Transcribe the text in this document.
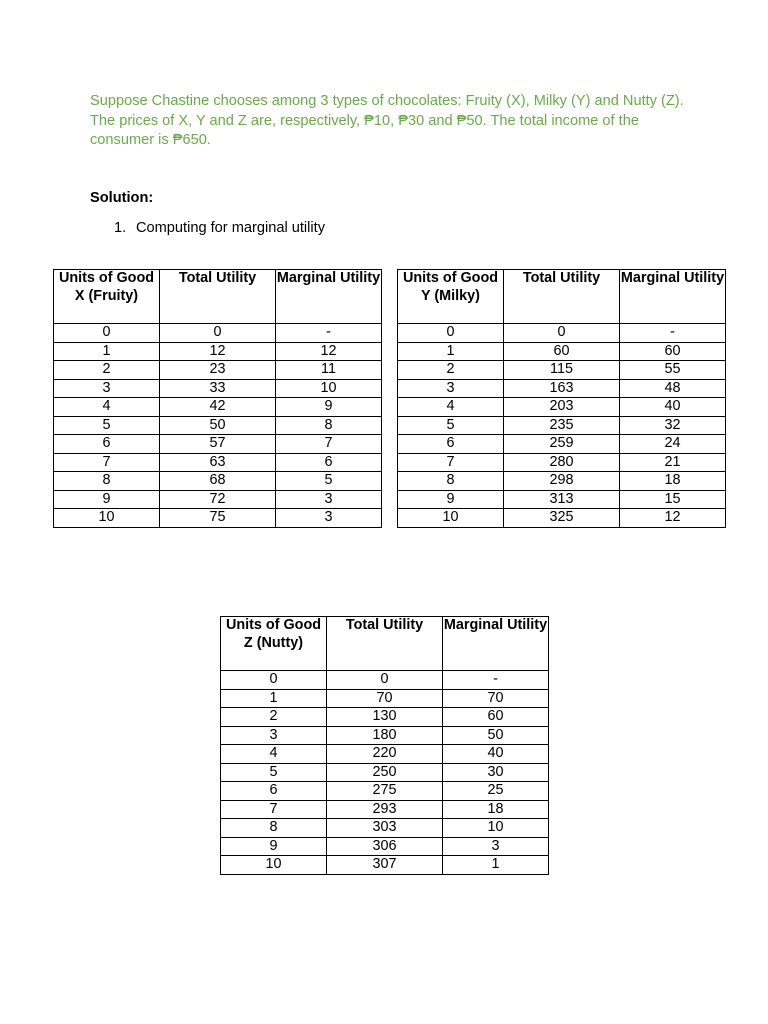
Suppose Chastine chooses among 3 types of chocolates: Fruity (X), Milky (Y) and Nutty (Z). The prices of X, Y and Z are, respectively, ₱10, ₱30 and ₱50. The total income of the consumer is ₱650.

Solution:

1. Computing for marginal utility

Units of Good X (Fruity)	Total Utility	Marginal Utility
0	0	-
1	12	12
2	23	11
3	33	10
4	42	9
5	50	8
6	57	7
7	63	6
8	68	5
9	72	3
10	75	3
Units of Good Y (Milky)	Total Utility	Marginal Utility
0	0	-
1	60	60
2	115	55
3	163	48
4	203	40
5	235	32
6	259	24
7	280	21
8	298	18
9	313	15
10	325	12
Units of Good Z (Nutty)	Total Utility	Marginal Utility
0	0	-
1	70	70
2	130	60
3	180	50
4	220	40
5	250	30
6	275	25
7	293	18
8	303	10
9	306	3
10	307	1
